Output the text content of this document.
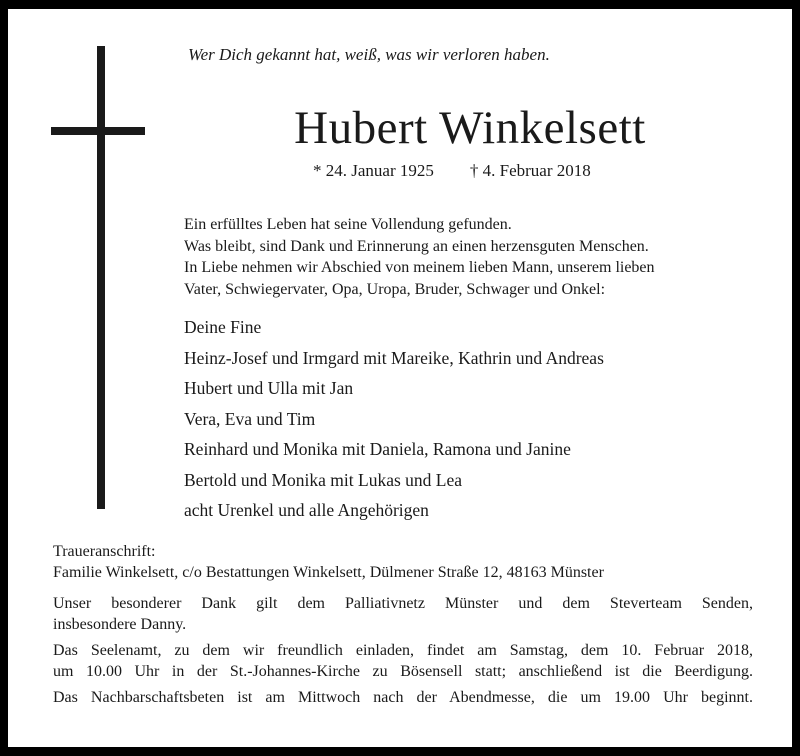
Wer Dich gekannt hat, weiß, was wir verloren haben.
Hubert Winkelsett
* 24. Januar 1925 † 4. Februar 2018
Ein erfülltes Leben hat seine Vollendung gefunden.
Was bleibt, sind Dank und Erinnerung an einen herzensguten Menschen.
In Liebe nehmen wir Abschied von meinem lieben Mann, unserem lieben
Vater, Schwiegervater, Opa, Uropa, Bruder, Schwager und Onkel:
Deine Fine
Heinz-Josef und Irmgard mit Mareike, Kathrin und Andreas
Hubert und Ulla mit Jan
Vera, Eva und Tim
Reinhard und Monika mit Daniela, Ramona und Janine
Bertold und Monika mit Lukas und Lea
acht Urenkel und alle Angehörigen
Traueranschrift:
Familie Winkelsett, c/o Bestattungen Winkelsett, Dülmener Straße 12, 48163 Münster
Unser besonderer Dank gilt dem Palliativnetz Münster und dem Steverteam Senden,
insbesondere Danny.
Das Seelenamt, zu dem wir freundlich einladen, findet am Samstag, dem 10. Februar 2018,
um 10.00 Uhr in der St.-Johannes-Kirche zu Bösensell statt; anschließend ist die Beerdigung.
Das Nachbarschaftsbeten ist am Mittwoch nach der Abendmesse, die um 19.00 Uhr beginnt.
